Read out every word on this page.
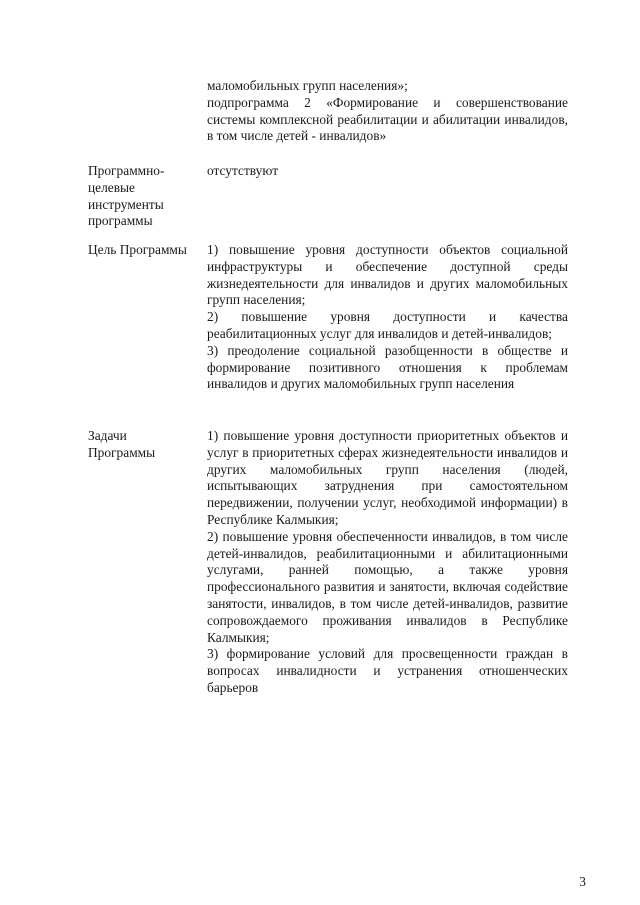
маломобильных групп населения»;

подпрограмма 2 «Формирование и совершенствование системы комплексной реабилитации и абилитации инвалидов, в том числе детей - инвалидов»

Программно-целевые инструменты программы
отсутствуют
Цель Программы	1) повышение уровня доступности объектов социальной инфраструктуры и обеспечение доступной среды жизнедеятельности для инвалидов и других маломобильных групп населения;

2) повышение уровня доступности и качества реабилитационных услуг для инвалидов и детей-инвалидов;

3) преодоление социальной разобщенности в обществе и формирование позитивного отношения к проблемам инвалидов и других маломобильных групп населения

Задачи Программы

1) повышение уровня доступности приоритетных объектов и услуг в приоритетных сферах жизнедеятельности инвалидов и других маломобильных групп населения (людей, испытывающих затруднения при самостоятельном передвижении, получении услуг, необходимой информации) в Республике Калмыкия;

2) повышение уровня обеспеченности инвалидов, в том числе детей-инвалидов, реабилитационными и абилитационными услугами, ранней помощью, а также уровня профессионального развития и занятости, включая содействие занятости, инвалидов, в том числе детей-инвалидов, развитие сопровождаемого проживания инвалидов в Республике Калмыкия;

3) формирование условий для просвещенности граждан в вопросах инвалидности и устранения отношенческих барьеров

3
